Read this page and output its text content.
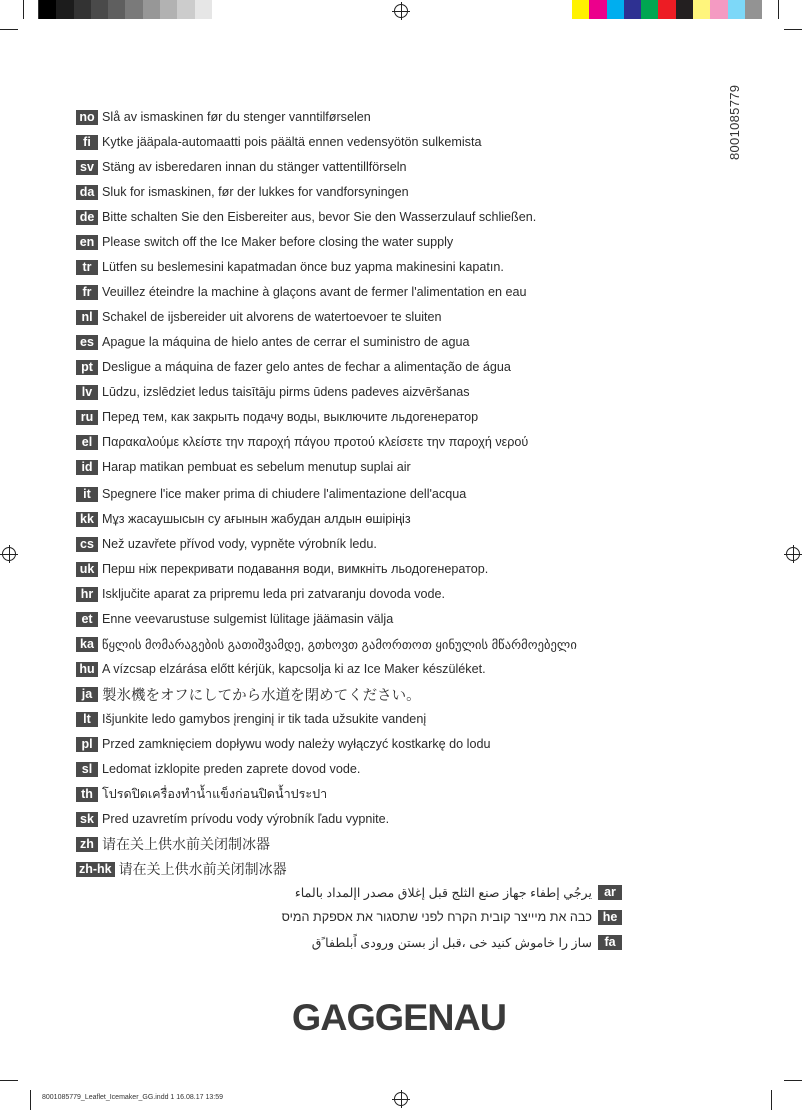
8001085779
no Slå av ismaskinen før du stenger vanntilførselen
fi Kytke jääpala-automaatti pois päältä ennen vedensyötön sulkemista
sv Stäng av isberedaren innan du stänger vattentillförseln
da Sluk for ismaskinen, før der lukkes for vandforsyningen
de Bitte schalten Sie den Eisbereiter aus, bevor Sie den Wasserzulauf schließen.
en Please switch off the Ice Maker before closing the water supply
tr Lütfen su beslemesini kapatmadan önce buz yapma makinesini kapatın.
fr Veuillez éteindre la machine à glaçons avant de fermer l'alimentation en eau
nl Schakel de ijsbereider uit alvorens de watertoevoer te sluiten
es Apague la máquina de hielo antes de cerrar el suministro de agua
pt Desligue a máquina de fazer gelo antes de fechar a alimentação de água
lv Lūdzu, izslēdziet ledus taisītāju pirms ūdens padeves aizvēršanas
ru Перед тем, как закрыть подачу воды, выключите льдогенератор
el Παρακαλούμε κλείστε την παροχή πάγου προτού κλείσετε την παροχή νερού
id Harap matikan pembuat es sebelum menutup suplai air
it Spegnere l'ice maker prima di chiudere l'alimentazione dell'acqua
kk Мұз жасаушысын су ағынын жабудан алдын өшіріңіз
cs Než uzavřete přívod vody, vypněte výrobník ledu.
uk Перш ніж перекривати подавання води, вимкніть льодогенератор.
hr Isključite aparat za pripremu leda pri zatvaranju dovoda vode.
et Enne veevarustuse sulgemist lülitage jäämasin välja
ka წყლის მომარაგების გათიშვამდე, გთხოვთ გამორთოთ ყინულის მწარმოებელი
hu A vízcsap elzárása előtt kérjük, kapcsolja ki az Ice Maker készüléket.
ja 製氷機をオフにしてから水道を閉めてください。
lt Išjunkite ledo gamybos įrenginį ir tik tada užsukite vandenį
pl Przed zamknięciem dopływu wody należy wyłączyć kostkarkę do lodu
sl Ledomat izklopite preden zaprete dovod vode.
th โปรดปิดเครื่องทำน้ำแข็งก่อนปิดน้ำประปา
sk Pred uzavretím prívodu vody výrobník ľadu vypnite.
zh 请在关上供水前关闭制冰器
zh-hk 请在关上供水前关闭制冰器
ءاملاب دادملإا ردصم قالغإ لبق جلثلا عنص زاهج ءافطإ يجُري ar
סימה תקפסא תא רוגסתש ינפל חרקה תיבוק רצייימ תא הבכ he
ق ًافطلباً یدورو نتسب زا لبق، یخ دینک شوماخ ار زاس fa
GAGGENAU
8001085779_Leaflet_Icemaker_GG.indd 1 16.08.17 13:59
